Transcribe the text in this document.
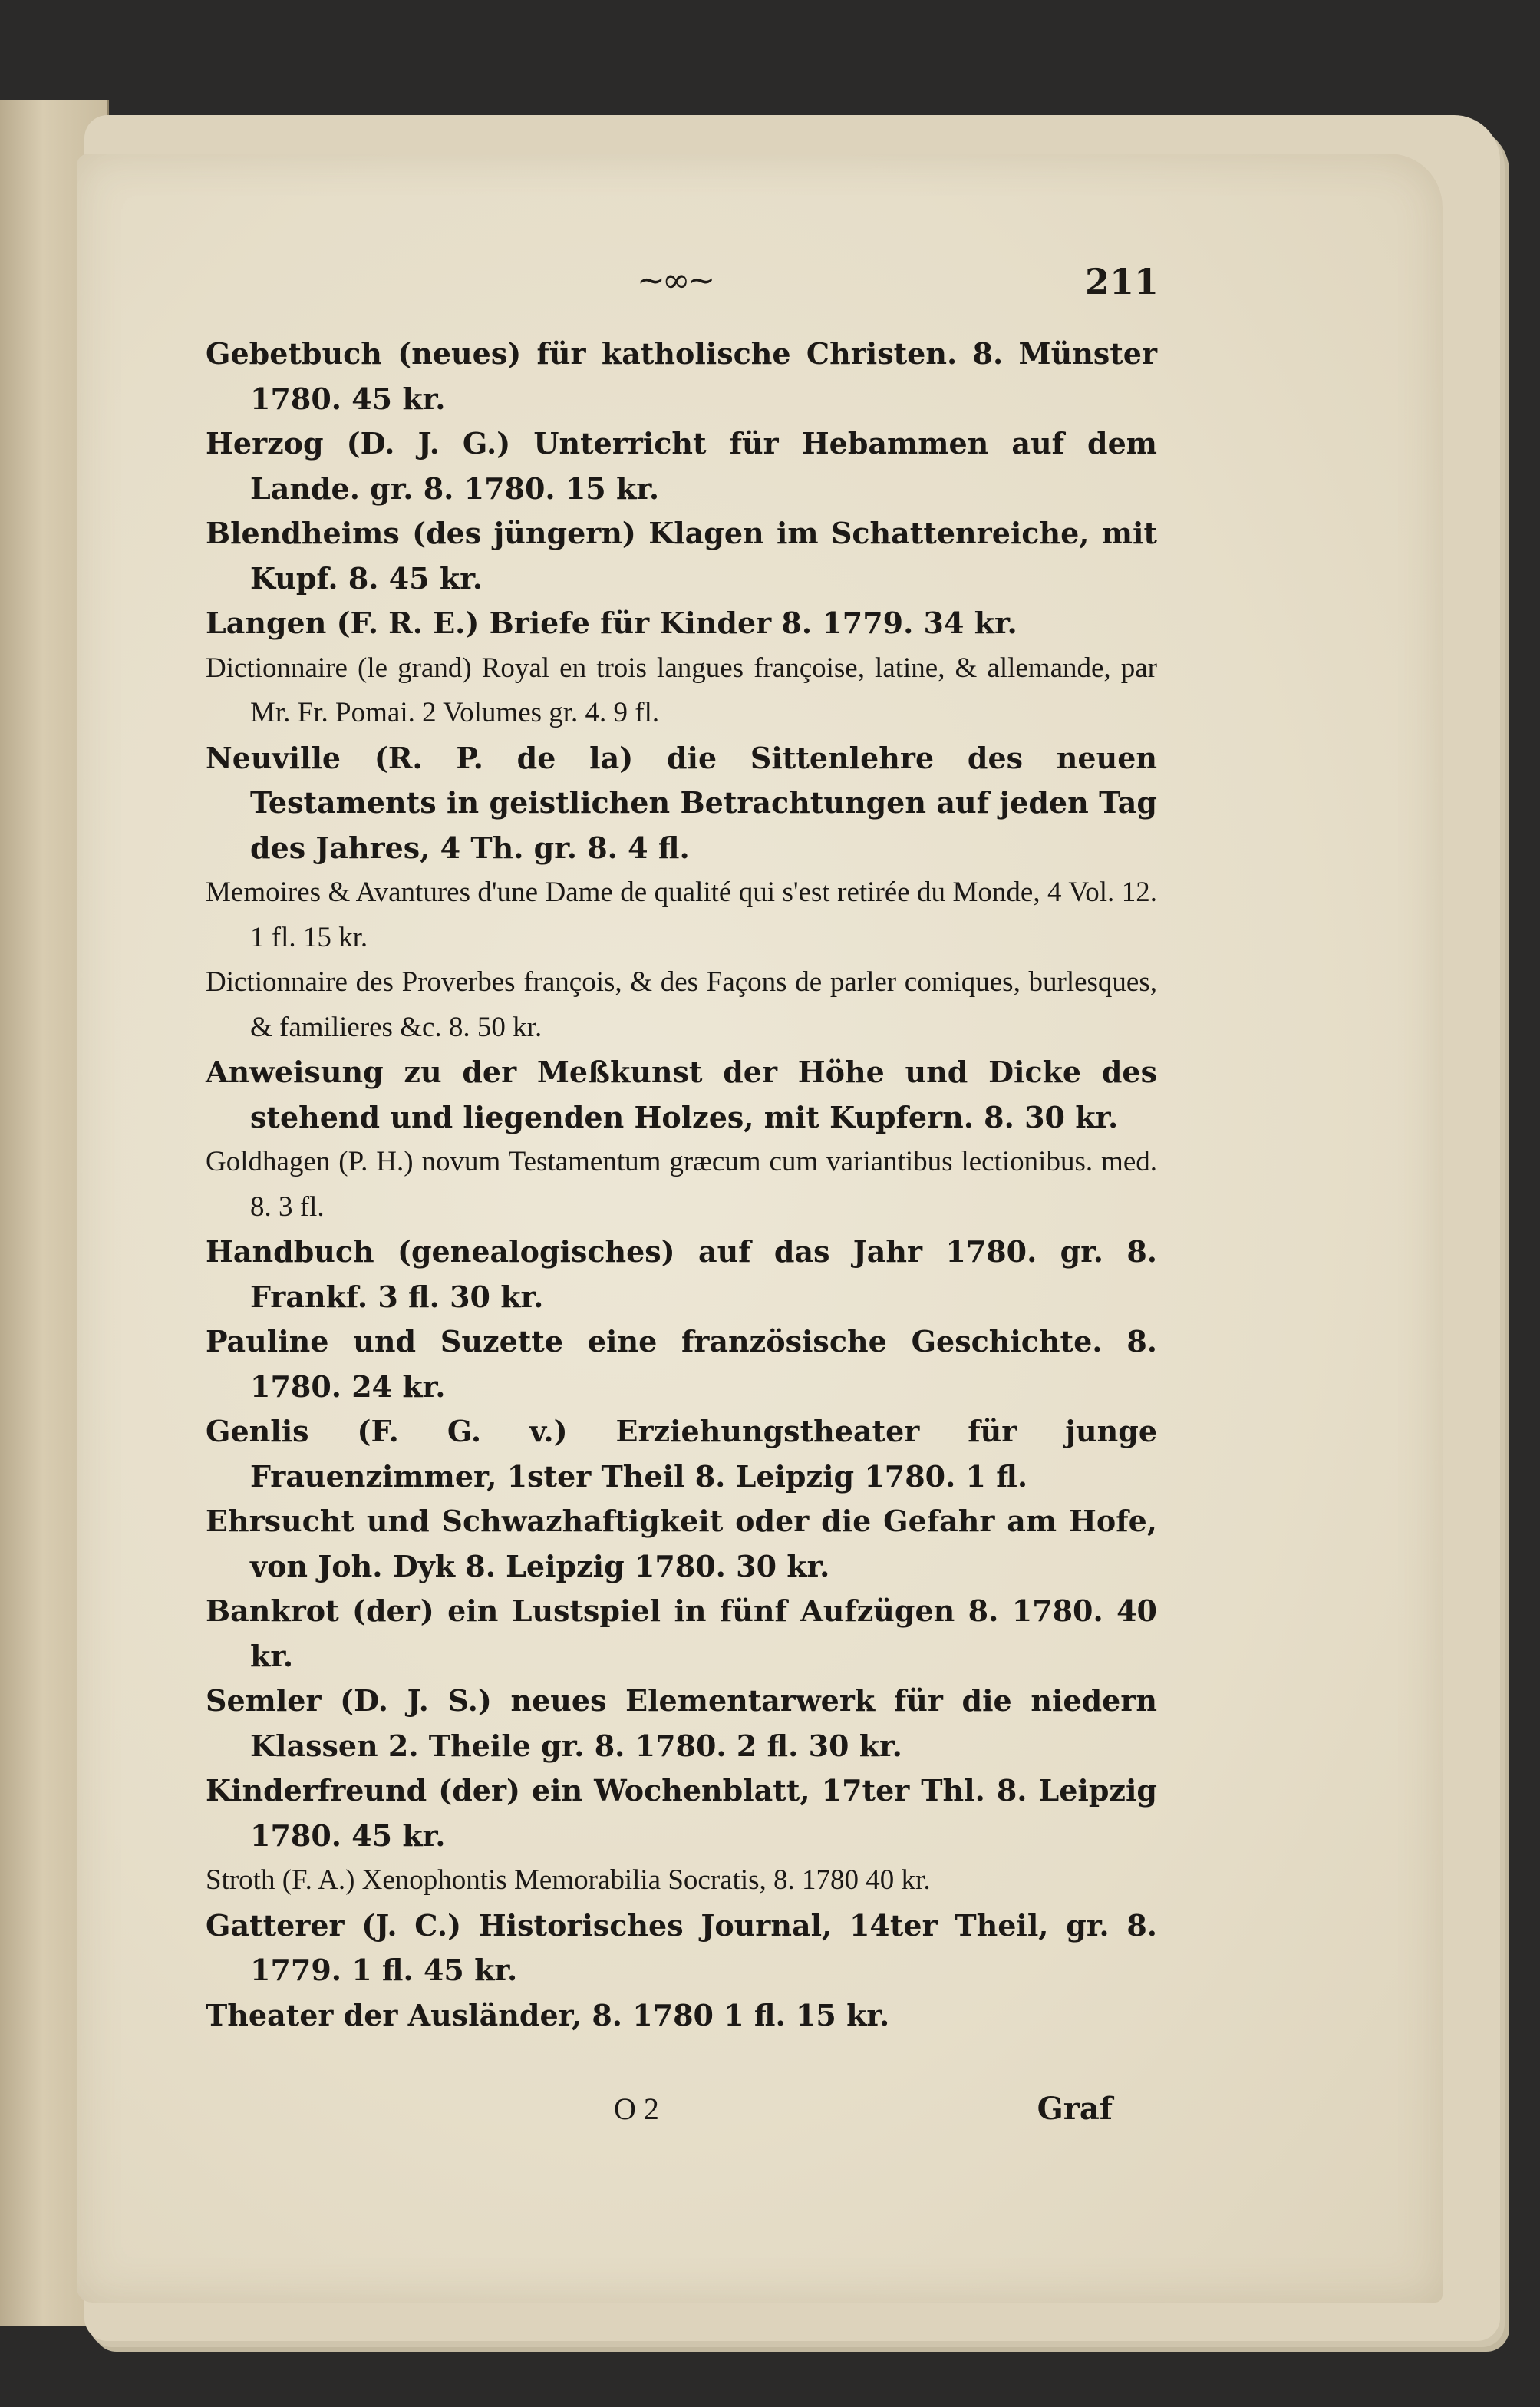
~∞~	211
Gebetbuch (neues) für katholische Christen. 8. Münster 1780. 45 kr.
Herzog (D. J. G.) Unterricht für Hebammen auf dem Lande. gr. 8. 1780. 15 kr.
Blendheims (des jüngern) Klagen im Schattenreiche, mit Kupf. 8. 45 kr.
Langen (F. R. E.) Briefe für Kinder 8. 1779. 34 kr.
Dictionnaire (le grand) Royal en trois langues françoise, latine, & allemande, par Mr. Fr. Pomai. 2 Volumes gr. 4. 9 fl.
Neuville (R. P. de la) die Sittenlehre des neuen Testaments in geistlichen Betrachtungen auf jeden Tag des Jahres, 4 Th. gr. 8. 4 fl.
Memoires & Avantures d'une Dame de qualité qui s'est retirée du Monde, 4 Vol. 12. 1 fl. 15 kr.
Dictionnaire des Proverbes françois, & des Façons de parler comiques, burlesques, & familieres &c. 8. 50 kr.
Anweisung zu der Meßkunst der Höhe und Dicke des stehend und liegenden Holzes, mit Kupfern. 8. 30 kr.
Goldhagen (P. H.) novum Testamentum græcum cum variantibus lectionibus. med. 8. 3 fl.
Handbuch (genealogisches) auf das Jahr 1780. gr. 8. Frankf. 3 fl. 30 kr.
Pauline und Suzette eine französische Geschichte. 8. 1780. 24 kr.
Genlis (F. G. v.) Erziehungstheater für junge Frauenzimmer, 1ster Theil 8. Leipzig 1780. 1 fl.
Ehrsucht und Schwazhaftigkeit oder die Gefahr am Hofe, von Joh. Dyk 8. Leipzig 1780. 30 kr.
Bankrot (der) ein Lustspiel in fünf Aufzügen 8. 1780. 40 kr.
Semler (D. J. S.) neues Elementarwerk für die niedern Klassen 2. Theile gr. 8. 1780. 2 fl. 30 kr.
Kinderfreund (der) ein Wochenblatt, 17ter Thl. 8. Leipzig 1780. 45 kr.
Stroth (F. A.) Xenophontis Memorabilia Socratis, 8. 1780 40 kr.
Gatterer (J. C.) Historisches Journal, 14ter Theil, gr. 8. 1779. 1 fl. 45 kr.
Theater der Ausländer, 8. 1780 1 fl. 15 kr.
O 2	Graf
